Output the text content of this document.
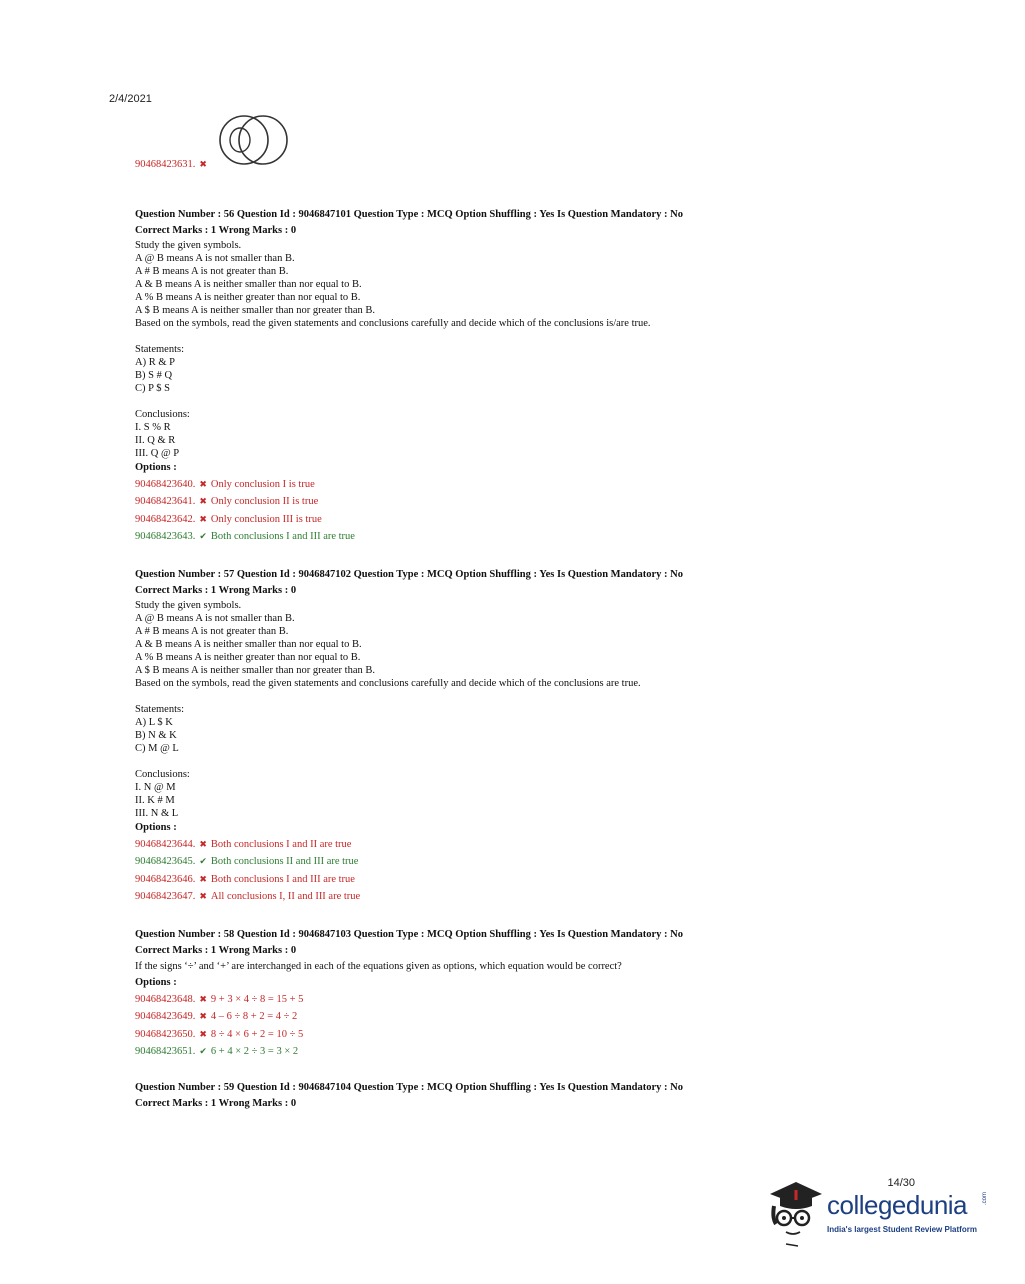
2/4/2021
90468423631. ✖
Question Number : 56 Question Id : 9046847101 Question Type : MCQ Option Shuffling : Yes Is Question Mandatory : No
Correct Marks : 1 Wrong Marks : 0
Study the given symbols.
A @ B means A is not smaller than B.
A # B means A is not greater than B.
A & B means A is neither smaller than nor equal to B.
A % B means A is neither greater than nor equal to B.
A $ B means A is neither smaller than nor greater than B.
Based on the symbols, read the given statements and conclusions carefully and decide which of the conclusions is/are true.
Statements:
A) R & P
B) S # Q
C) P $ S
Conclusions:
I. S % R
II. Q & R
III. Q @ P
Options :
90468423640. ✖ Only conclusion I is true
90468423641. ✖ Only conclusion II is true
90468423642. ✖ Only conclusion III is true
90468423643. ✔ Both conclusions I and III are true
Question Number : 57 Question Id : 9046847102 Question Type : MCQ Option Shuffling : Yes Is Question Mandatory : No
Correct Marks : 1 Wrong Marks : 0
Study the given symbols.
A @ B means A is not smaller than B.
A # B means A is not greater than B.
A & B means A is neither smaller than nor equal to B.
A % B means A is neither greater than nor equal to B.
A $ B means A is neither smaller than nor greater than B.
Based on the symbols, read the given statements and conclusions carefully and decide which of the conclusions are true.
Statements:
A) L $ K
B) N & K
C) M @ L
Conclusions:
I. N @ M
II. K # M
III. N & L
Options :
90468423644. ✖ Both conclusions I and II are true
90468423645. ✔ Both conclusions II and III are true
90468423646. ✖ Both conclusions I and III are true
90468423647. ✖ All conclusions I, II and III are true
Question Number : 58 Question Id : 9046847103 Question Type : MCQ Option Shuffling : Yes Is Question Mandatory : No
Correct Marks : 1 Wrong Marks : 0
If the signs ‘÷’ and ‘+’ are interchanged in each of the equations given as options, which equation would be correct?
Options :
90468423648. ✖ 9 + 3 × 4 ÷ 8 = 15 + 5
90468423649. ✖ 4 – 6 ÷ 8 + 2 = 4 ÷ 2
90468423650. ✖ 8 ÷ 4 × 6 + 2 = 10 ÷ 5
90468423651. ✔ 6 + 4 × 2 ÷ 3 = 3 × 2
Question Number : 59 Question Id : 9046847104 Question Type : MCQ Option Shuffling : Yes Is Question Mandatory : No
Correct Marks : 1 Wrong Marks : 0
14/30
collegedunia .com
India's largest Student Review Platform
